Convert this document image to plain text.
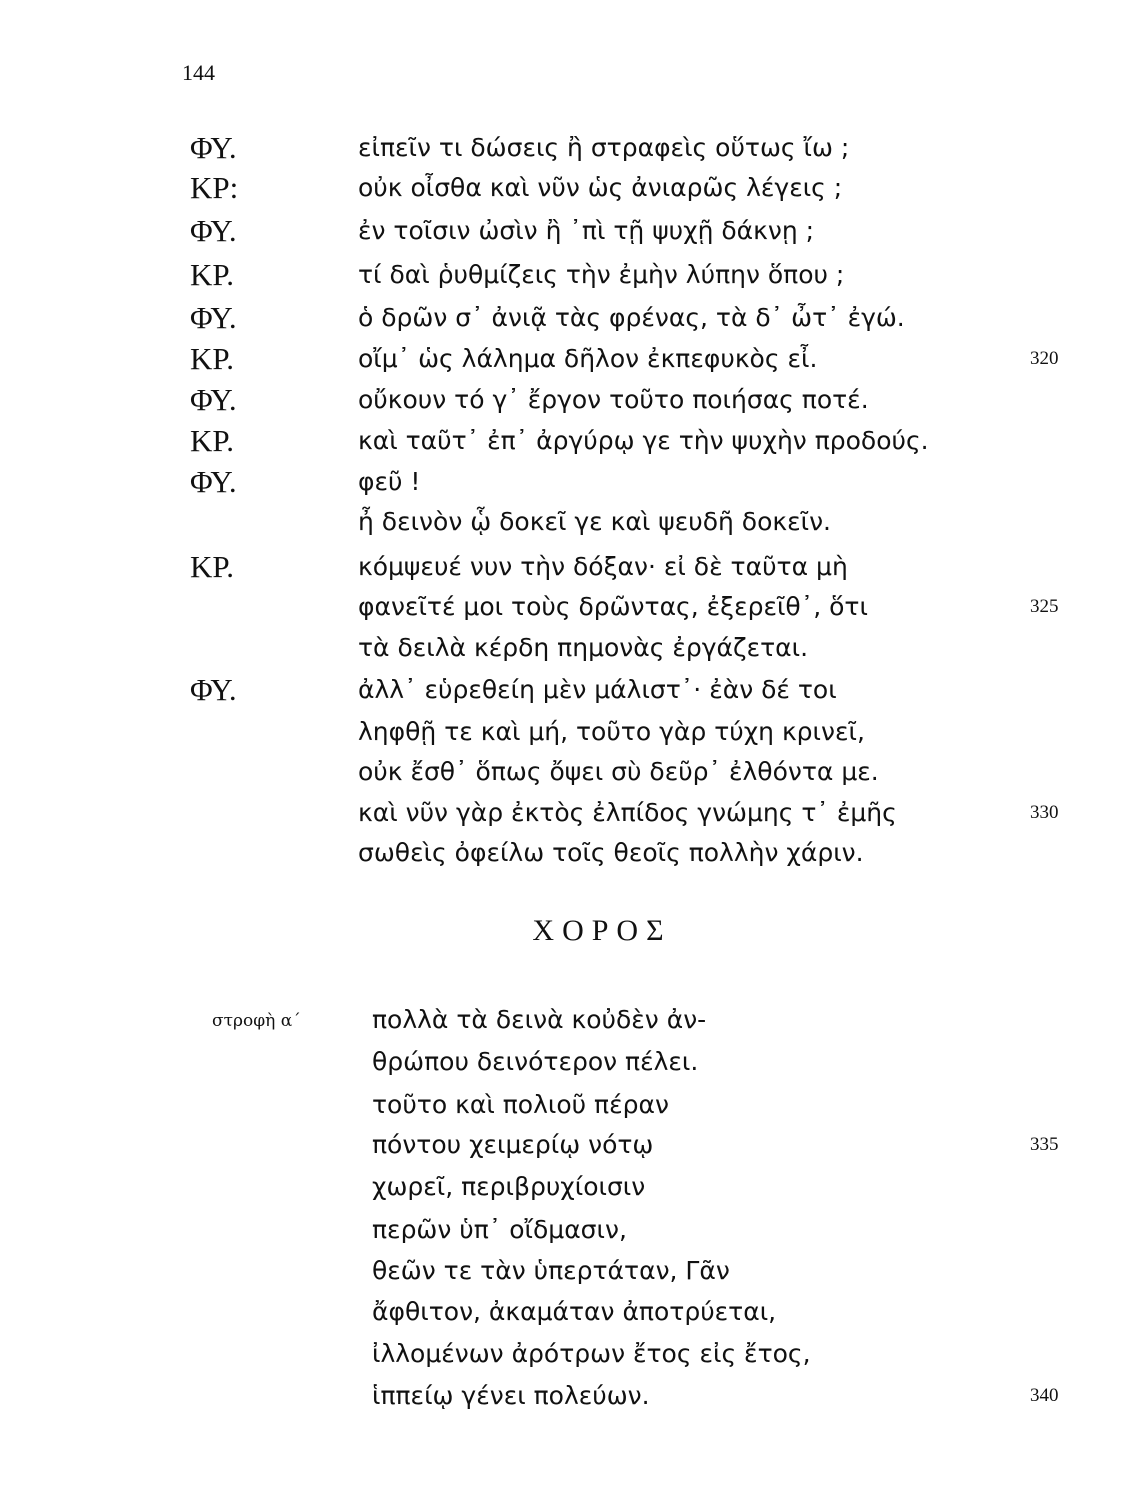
144
ΦΥ.	εἰπεῖν τι δώσεις ἢ στραφεὶς οὕτως ἴω ;
ΚΡ:	οὐκ οἶσθα καὶ νῦν ὡς ἀνιαρῶς λέγεις ;
ΦΥ.	ἐν τοῖσιν ὠσὶν ἢ ᾽πὶ τῇ ψυχῇ δάκνῃ ;
ΚΡ.	τί δαὶ ῥυθμίζεις τὴν ἐμὴν λύπην ὅπου ;
ΦΥ.	ὁ δρῶν σ᾽ ἀνιᾷ τὰς φρένας, τὰ δ᾽ ὦτ᾽ ἐγώ.
ΚΡ.	οἴμ᾽ ὡς λάλημα δῆλον ἐκπεφυκὸς εἶ.	320
ΦΥ.	οὔκουν τό γ᾽ ἔργον τοῦτο ποιήσας ποτέ.
ΚΡ.	καὶ ταῦτ᾽ ἐπ᾽ ἀργύρῳ γε τὴν ψυχὴν προδούς.
ΦΥ.	φεῦ !
ἦ δεινὸν ᾧ δοκεῖ γε καὶ ψευδῆ δοκεῖν.
ΚΡ.	κόμψευέ νυν τὴν δόξαν· εἰ δὲ ταῦτα μὴ
φανεῖτέ μοι τοὺς δρῶντας, ἐξερεῖθ᾽, ὅτι	325
τὰ δειλὰ κέρδη πημονὰς ἐργάζεται.
ΦΥ.	ἀλλ᾽ εὑρεθείη μὲν μάλιστ᾽· ἐὰν δέ τοι
ληφθῇ τε καὶ μή, τοῦτο γὰρ τύχη κρινεῖ,
οὐκ ἔσθ᾽ ὅπως ὄψει σὺ δεῦρ᾽ ἐλθόντα με.
καὶ νῦν γὰρ ἐκτὸς ἐλπίδος γνώμης τ᾽ ἐμῆς	330
σωθεὶς ὀφείλω τοῖς θεοῖς πολλὴν χάριν.
ΧΟΡΟΣ
στροφὴ α΄	πολλὰ τὰ δεινὰ κοὐδὲν ἀν-
θρώπου δεινότερον πέλει.
τοῦτο καὶ πολιοῦ πέραν
πόντου χειμερίῳ νότῳ	335
χωρεῖ, περιβρυχίοισιν
περῶν ὑπ᾽ οἴδμασιν,
θεῶν τε τὰν ὑπερτάταν, Γᾶν
ἄφθιτον, ἀκαμάταν ἀποτρύεται,
ἰλλομένων ἀρότρων ἔτος εἰς ἔτος,
ἱππείῳ γένει πολεύων.	340
